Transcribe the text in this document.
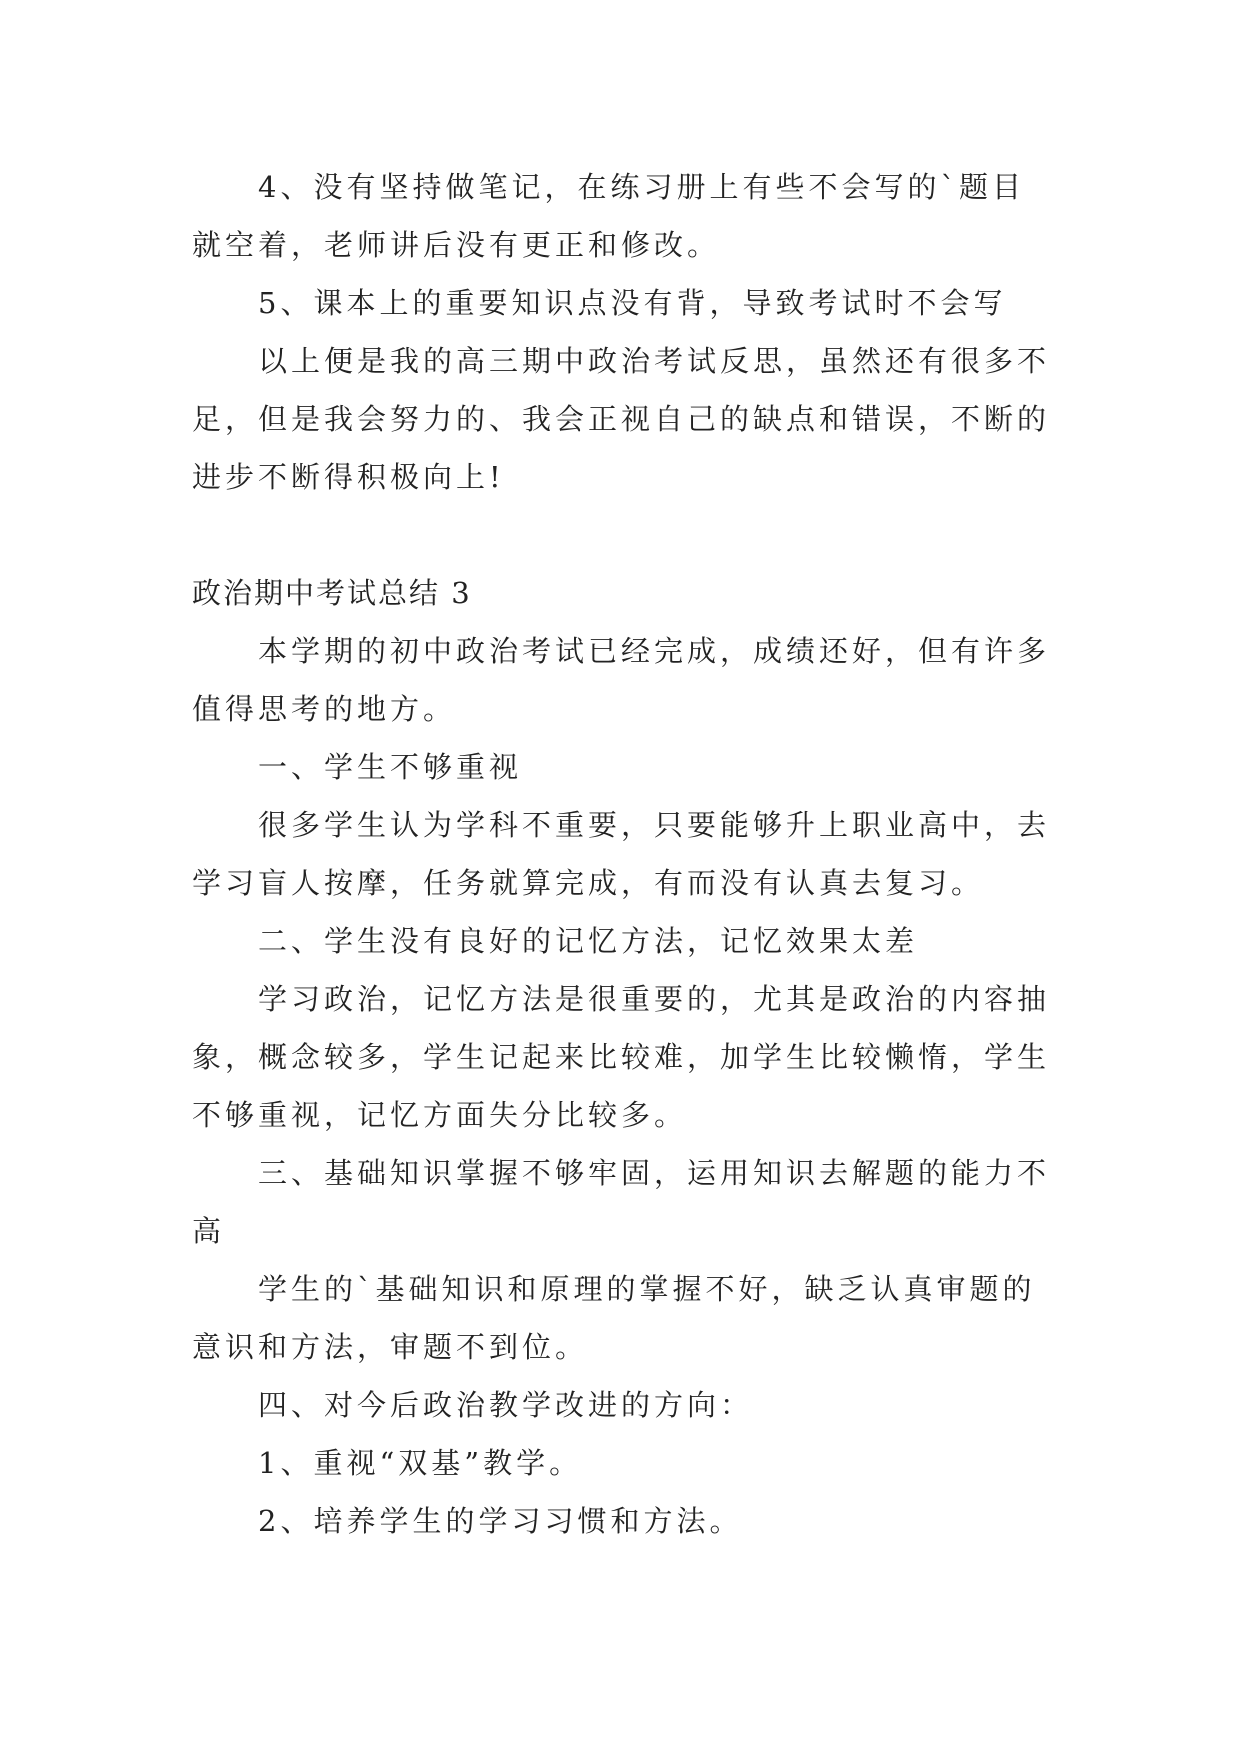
4、没有坚持做笔记，在练习册上有些不会写的`题目就空着，老师讲后没有更正和修改。

5、课本上的重要知识点没有背，导致考试时不会写

以上便是我的高三期中政治考试反思，虽然还有很多不足，但是我会努力的、我会正视自己的缺点和错误，不断的进步不断得积极向上!

政治期中考试总结 3

本学期的初中政治考试已经完成，成绩还好，但有许多值得思考的地方。

一、学生不够重视

很多学生认为学科不重要，只要能够升上职业高中，去学习盲人按摩，任务就算完成，有而没有认真去复习。

二、学生没有良好的记忆方法，记忆效果太差

学习政治，记忆方法是很重要的，尤其是政治的内容抽象，概念较多，学生记起来比较难，加学生比较懒惰，学生不够重视，记忆方面失分比较多。

三、基础知识掌握不够牢固，运用知识去解题的能力不高

学生的`基础知识和原理的掌握不好，缺乏认真审题的意识和方法，审题不到位。

四、对今后政治教学改进的方向：

1、重视“双基”教学。

2、培养学生的学习习惯和方法。
